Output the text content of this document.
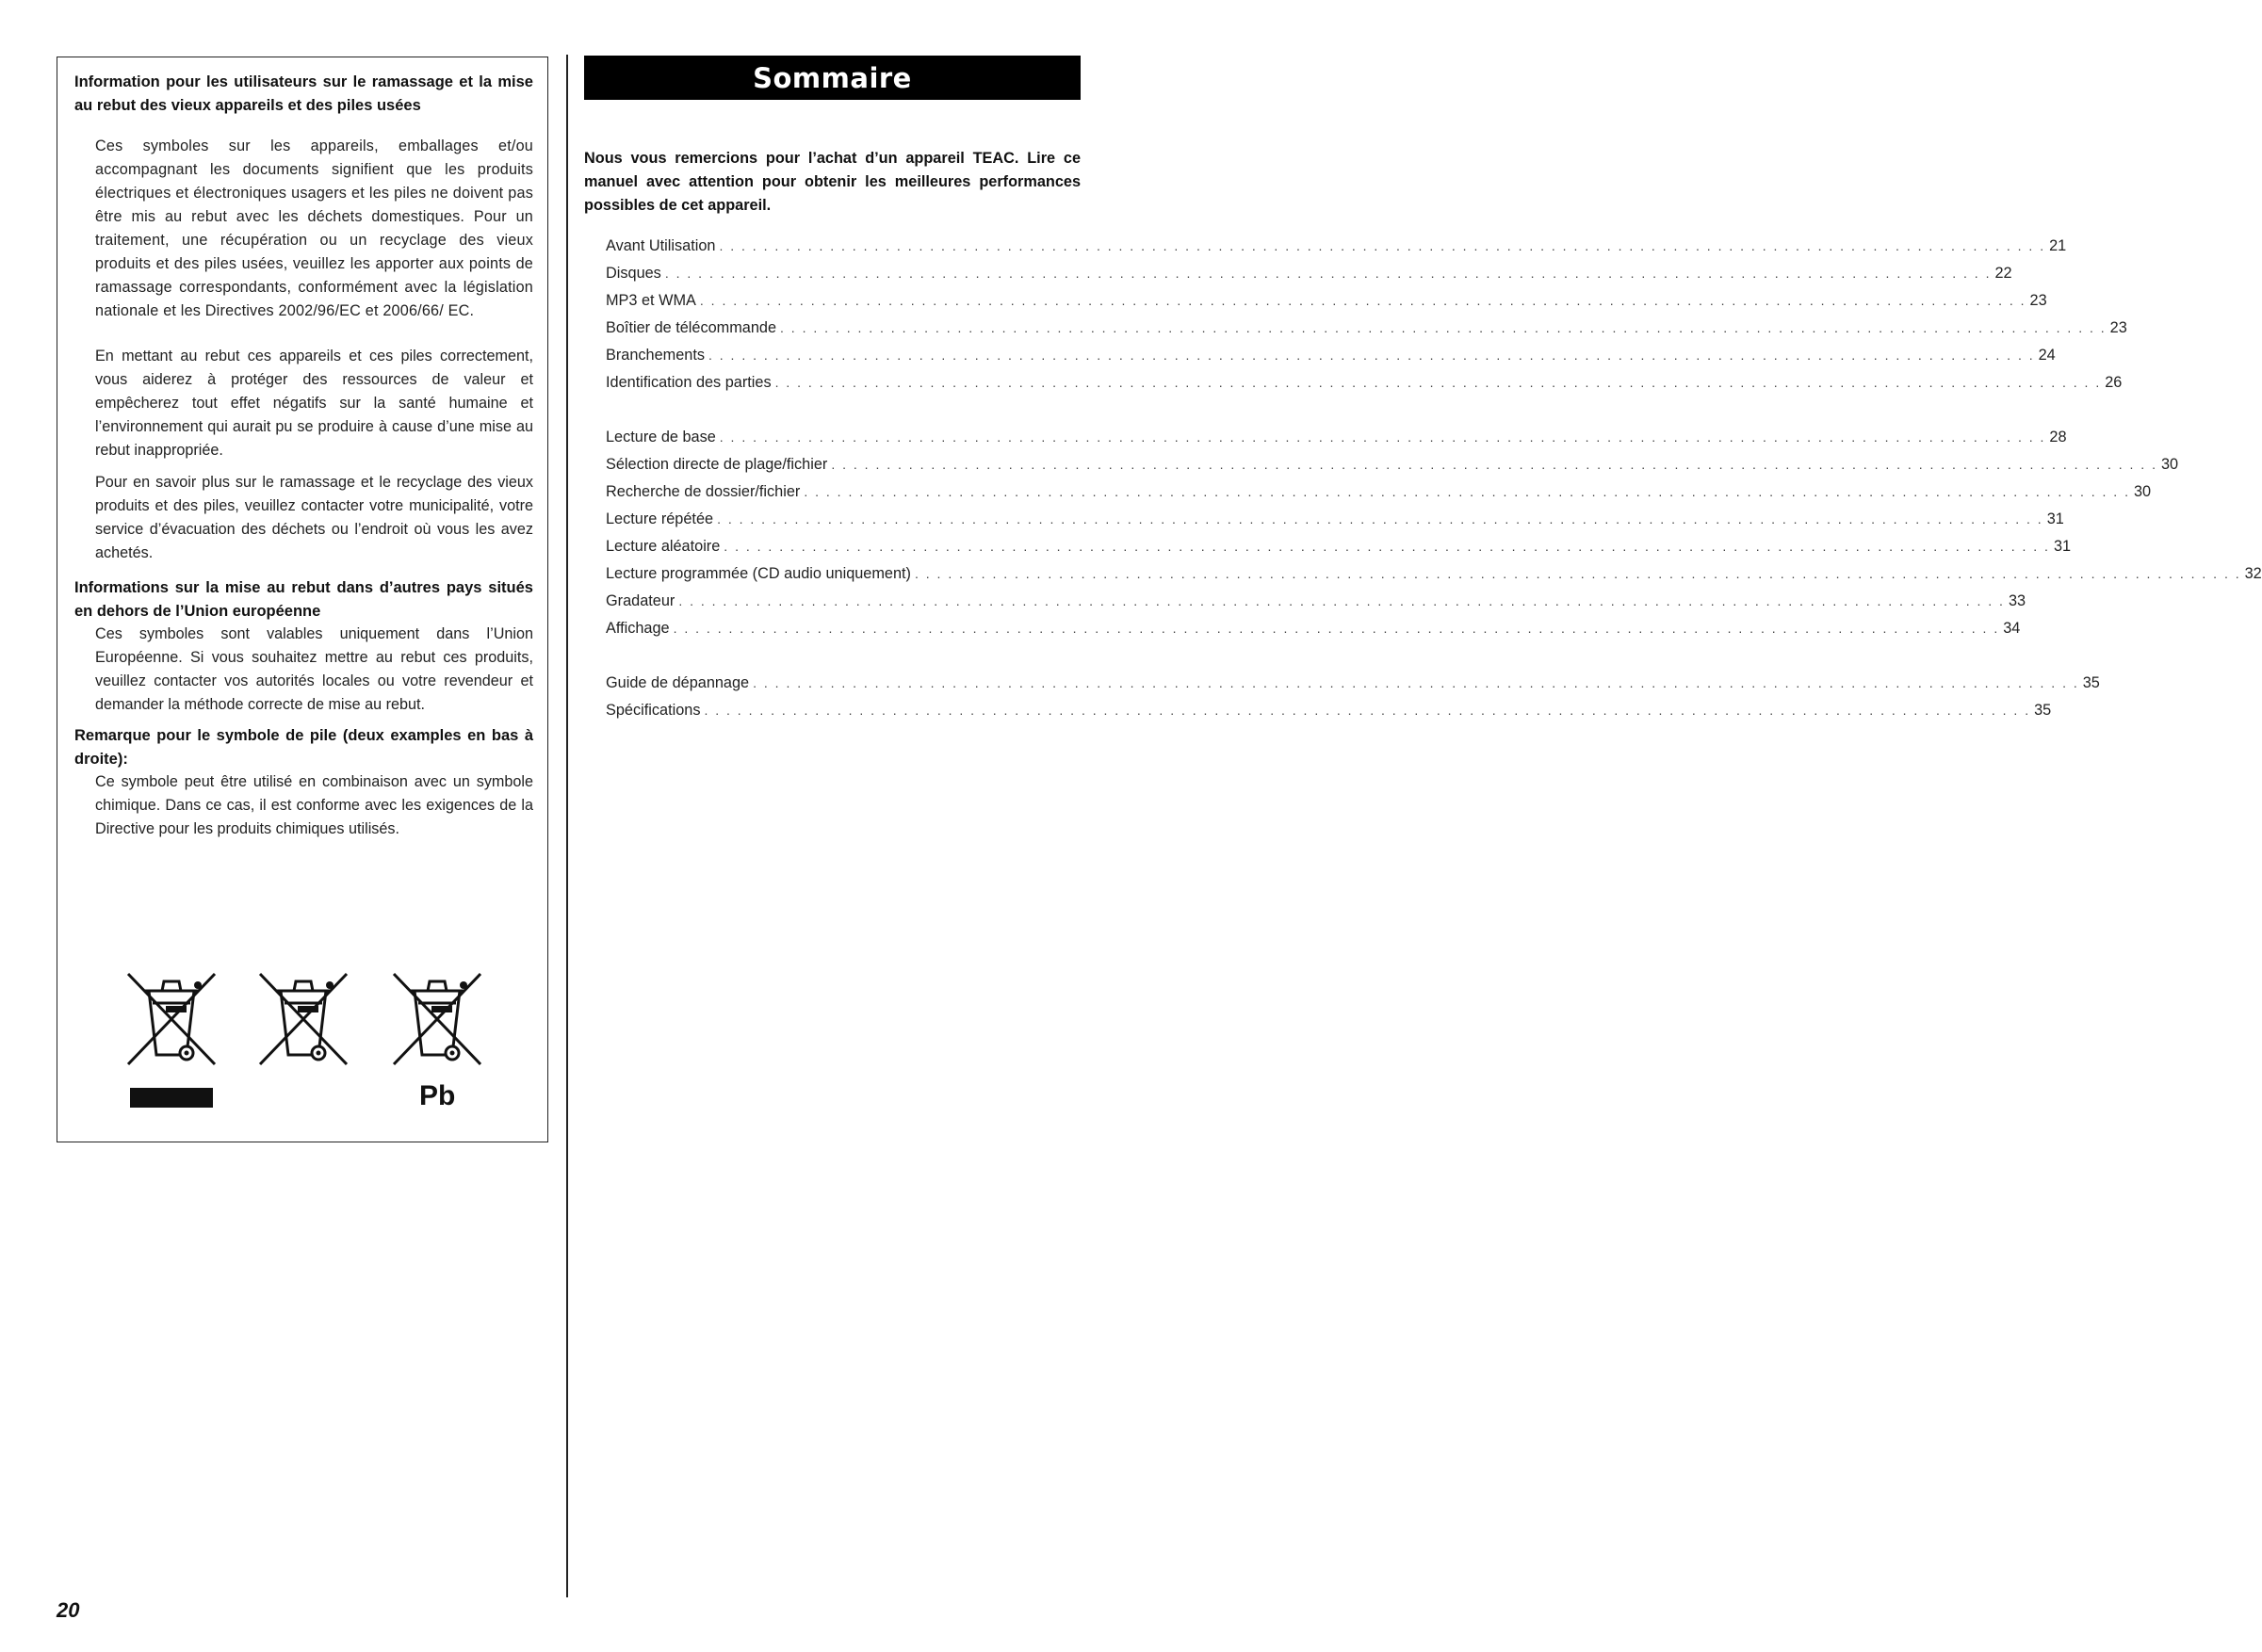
Information pour les utilisateurs sur le ramassage et la mise au rebut des vieux appareils et des piles usées

Ces symboles sur les appareils, emballages et/ou accompagnant les documents signifient que les produits électriques et électroniques usagers et les piles ne doivent pas être mis au rebut avec les déchets domestiques. Pour un traitement, une récupération ou un recyclage des vieux produits et des piles usées, veuillez les apporter aux points de ramassage correspondants, conformément avec la législation nationale et les Directives 2002/96/EC et 2006/66/ EC.

En mettant au rebut ces appareils et ces piles correctement, vous aiderez à protéger des ressources de valeur et empêcherez tout effet négatifs sur la santé humaine et l’environnement qui aurait pu se produire à cause d’une mise au rebut inappropriée.

Pour en savoir plus sur le ramassage et le recyclage des vieux produits et des piles, veuillez contacter votre municipalité, votre service d’évacuation des déchets ou l’endroit où vous les avez achetés.

Informations sur la mise au rebut dans d’autres pays situés en dehors de l’Union européenne

Ces symboles sont valables uniquement dans l’Union Européenne. Si vous souhaitez mettre au rebut ces produits, veuillez contacter vos autorités locales ou votre revendeur et demander la méthode correcte de mise au rebut.

Remarque pour le symbole de pile (deux examples en bas à droite):

Ce symbole peut être utilisé en combinaison avec un symbole chimique. Dans ce cas, il est conforme avec les exigences de la Directive pour les produits chimiques utilisés.

Pb
Sommaire

Nous vous remercions pour l’achat d’un appareil TEAC. Lire ce manuel avec attention pour obtenir les meilleures performances possibles de cet appareil.

Avant Utilisation . . . . . . . . . . . . . . . . . . . . . . . . . . . . . . . . . . . . . . . . . . . . . . . . . . . . . . . . . . . . . . . . . . . . . . . . . . . . . . . . . . . . . . . . . . . . . . . . . . . . . . . . . . . . . . . . . . . . . . . . 21
Disques . . . . . . . . . . . . . . . . . . . . . . . . . . . . . . . . . . . . . . . . . . . . . . . . . . . . . . . . . . . . . . . . . . . . . . . . . . . . . . . . . . . . . . . . . . . . . . . . . . . . . . . . . . . . . . . . . . . . . . . . 22
MP3 et WMA . . . . . . . . . . . . . . . . . . . . . . . . . . . . . . . . . . . . . . . . . . . . . . . . . . . . . . . . . . . . . . . . . . . . . . . . . . . . . . . . . . . . . . . . . . . . . . . . . . . . . . . . . . . . . . . . . . . . . . . . 23
Boîtier de télécommande . . . . . . . . . . . . . . . . . . . . . . . . . . . . . . . . . . . . . . . . . . . . . . . . . . . . . . . . . . . . . . . . . . . . . . . . . . . . . . . . . . . . . . . . . . . . . . . . . . . . . . . . . . . . . . . . . . . . . . . . 23
Branchements . . . . . . . . . . . . . . . . . . . . . . . . . . . . . . . . . . . . . . . . . . . . . . . . . . . . . . . . . . . . . . . . . . . . . . . . . . . . . . . . . . . . . . . . . . . . . . . . . . . . . . . . . . . . . . . . . . . . . . . . 24
Identification des parties . . . . . . . . . . . . . . . . . . . . . . . . . . . . . . . . . . . . . . . . . . . . . . . . . . . . . . . . . . . . . . . . . . . . . . . . . . . . . . . . . . . . . . . . . . . . . . . . . . . . . . . . . . . . . . . . . . . . . . . . 26
Lecture de base . . . . . . . . . . . . . . . . . . . . . . . . . . . . . . . . . . . . . . . . . . . . . . . . . . . . . . . . . . . . . . . . . . . . . . . . . . . . . . . . . . . . . . . . . . . . . . . . . . . . . . . . . . . . . . . . . . . . . . . . 28
Sélection directe de plage/fichier . . . . . . . . . . . . . . . . . . . . . . . . . . . . . . . . . . . . . . . . . . . . . . . . . . . . . . . . . . . . . . . . . . . . . . . . . . . . . . . . . . . . . . . . . . . . . . . . . . . . . . . . . . . . . . . . . . . . . . . . 30
Recherche de dossier/fichier . . . . . . . . . . . . . . . . . . . . . . . . . . . . . . . . . . . . . . . . . . . . . . . . . . . . . . . . . . . . . . . . . . . . . . . . . . . . . . . . . . . . . . . . . . . . . . . . . . . . . . . . . . . . . . . . . . . . . . . . 30
Lecture répétée . . . . . . . . . . . . . . . . . . . . . . . . . . . . . . . . . . . . . . . . . . . . . . . . . . . . . . . . . . . . . . . . . . . . . . . . . . . . . . . . . . . . . . . . . . . . . . . . . . . . . . . . . . . . . . . . . . . . . . . . 31
Lecture aléatoire . . . . . . . . . . . . . . . . . . . . . . . . . . . . . . . . . . . . . . . . . . . . . . . . . . . . . . . . . . . . . . . . . . . . . . . . . . . . . . . . . . . . . . . . . . . . . . . . . . . . . . . . . . . . . . . . . . . . . . . . 31
Lecture programmée (CD audio uniquement) . . . . . . . . . . . . . . . . . . . . . . . . . . . . . . . . . . . . . . . . . . . . . . . . . . . . . . . . . . . . . . . . . . . . . . . . . . . . . . . . . . . . . . . . . . . . . . . . . . . . . . . . . . . . . . . . . . . . . . . . 32
Gradateur . . . . . . . . . . . . . . . . . . . . . . . . . . . . . . . . . . . . . . . . . . . . . . . . . . . . . . . . . . . . . . . . . . . . . . . . . . . . . . . . . . . . . . . . . . . . . . . . . . . . . . . . . . . . . . . . . . . . . . . . 33
Affichage . . . . . . . . . . . . . . . . . . . . . . . . . . . . . . . . . . . . . . . . . . . . . . . . . . . . . . . . . . . . . . . . . . . . . . . . . . . . . . . . . . . . . . . . . . . . . . . . . . . . . . . . . . . . . . . . . . . . . . . . 34
Guide de dépannage . . . . . . . . . . . . . . . . . . . . . . . . . . . . . . . . . . . . . . . . . . . . . . . . . . . . . . . . . . . . . . . . . . . . . . . . . . . . . . . . . . . . . . . . . . . . . . . . . . . . . . . . . . . . . . . . . . . . . . . . 35
Spécifications . . . . . . . . . . . . . . . . . . . . . . . . . . . . . . . . . . . . . . . . . . . . . . . . . . . . . . . . . . . . . . . . . . . . . . . . . . . . . . . . . . . . . . . . . . . . . . . . . . . . . . . . . . . . . . . . . . . . . . . . 35
20
